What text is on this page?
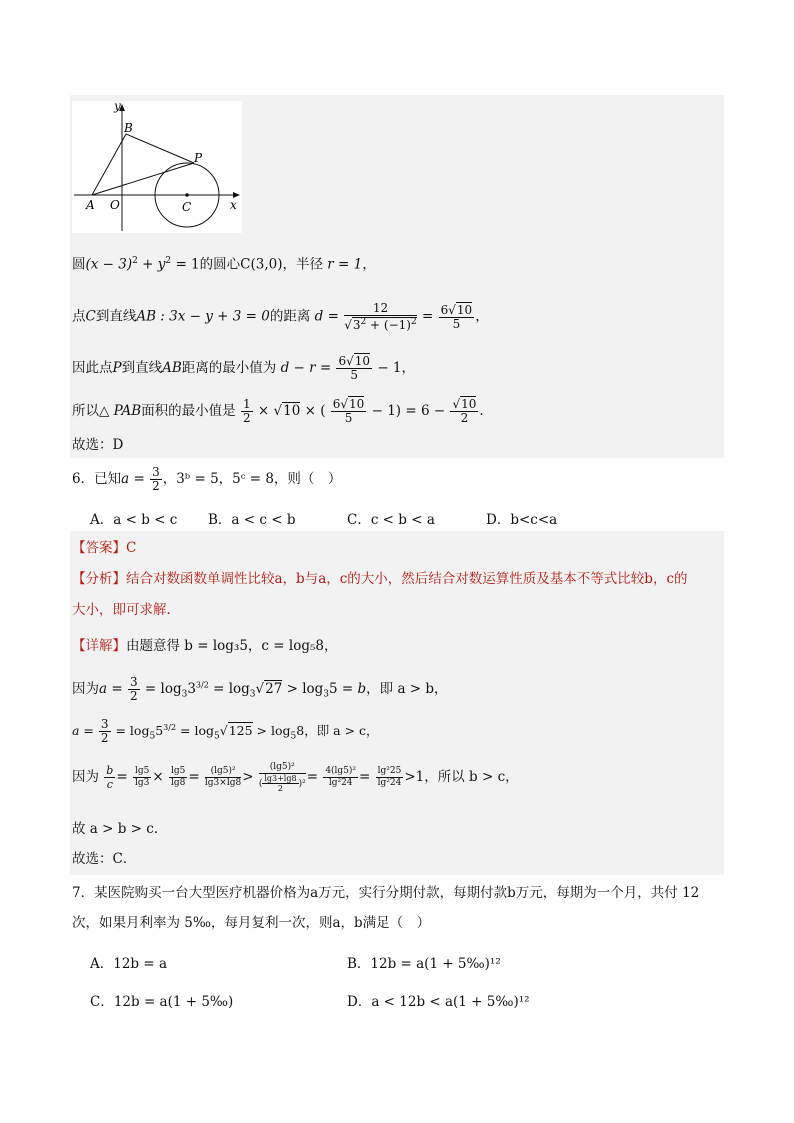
y
x
B
P
A O	C
圆$(x - 3)^2 + y^2 = 1$的圆心C(3,0)，半径 r = 1，
点C到直线AB : 3x − y + 3 = 0的距离 $d = \frac{12}{√3^2 + (-1)^2} = \frac{6√10}{5}$ ，
因此点P到直线AB距离的最小值为 $d - r = \frac{6√10}{5} - 1$，
所以△ PAB面积的最小值是 $\frac{1}{2} \times √10$ × ( $\frac{6√10}{5} - 1) = 6 - \frac{√10}{2}$ .
故选：D
6．已知$a = \frac{3}{2}$ ，3ᵇ = 5，5ᶜ = 8，则（　）
A．a < b < c B．a < c < b	C．c < b < a	D．b<c<a
【答案】C
【分析】结合对数函数单调性比较a，b与a，c的大小，然后结合对数运算性质及基本不等式比较b，c的
大小，即可求解．
【详解】由题意得 b = log₃5，c = log₅8，
因为$a = \frac{3}{2} = \log_33^{3/2} = \log_3√27 > \log_35 = b$，即 a > b，
$a = \frac{3}{2} = \log_55^{3/2} = \log_5√125 > \log_58$，即 a > c，
因为 $\frac{b}{c} = \frac{\lg 5}{\lg 3} \times \frac{\lg 5}{\lg 8} = \frac{\text{(lg5)²}}{\lg 3\times\lg 8} > \frac{\text{(lg5)²}}{( \frac{\lg 3+\lg 8}{2} )^2} = \frac{\text{4(lg5)²}}{\text{lg²24}} = \frac{\text{lg²25}}{\text{lg²24}} >1$，所以 b > c，
故 a > b > c．
故选：C．
7．某医院购买一台大型医疗机器价格为a万元，实行分期付款，每期付款b万元，每期为一个月，共付 12
次，如果月利率为 5‰，每月复利一次，则a，b满足（　）
A．12b = a	B．12b = a(1 + 5‰)¹²
C．12b = a(1 + 5‰)	D．a < 12b < a(1 + 5‰)¹²
